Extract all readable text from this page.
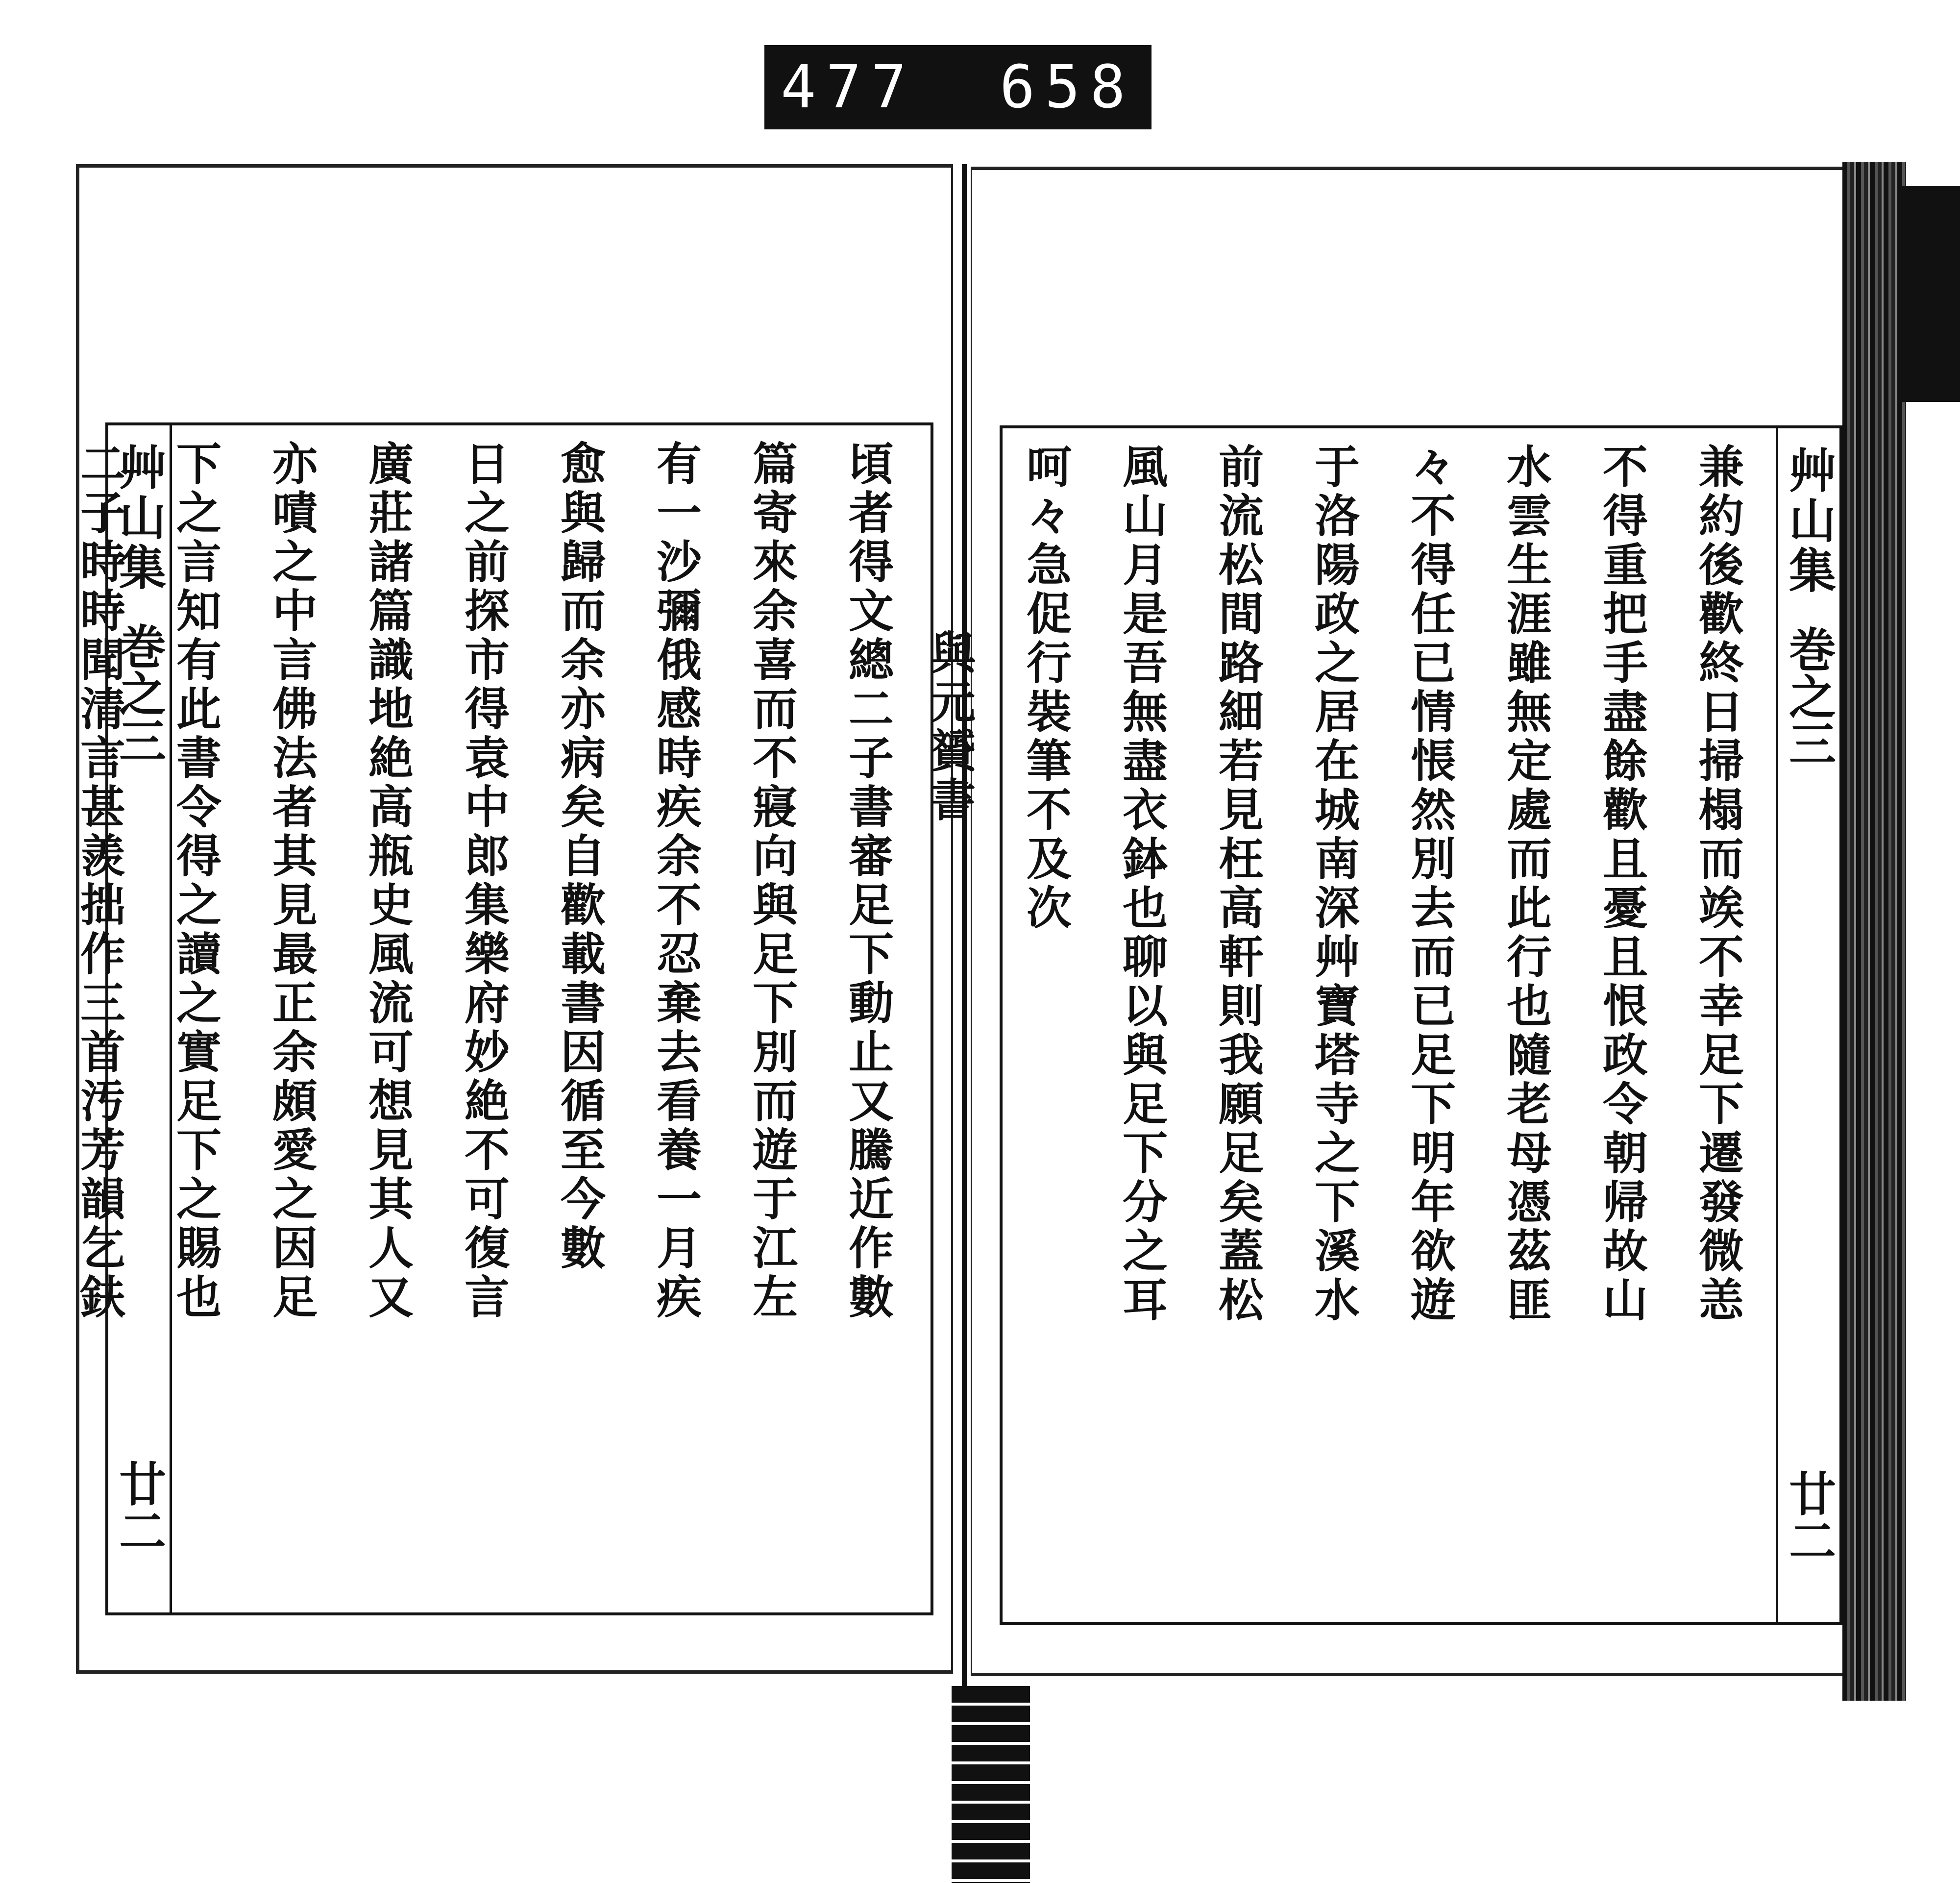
477 658
艸山集
巻之三
廿二
頃者得文總二子書審足下動止又騰近作數
篇寄來余喜而不寢向與足下別而遊于江左
有一沙彌俄感時疾余不忍棄去看養一月疾
愈與歸而余亦病矣自歡載書因循至今數
日之前探市得袁中郎集樂府妙絶不可復言
廣莊諸篇識地絶高瓶史風流可想見其人又
亦嘖之中言佛法者其見最正余頗愛之因足
下之言知有此書令得之讀之實足下之賜也
二子時時聞清言甚羨拙作三首汚芳韻乞鈇	艸山集
巻之三
廿二
兼約後歡終日掃榻而竢不幸足下遷發微恙
不得重把手盡餘歡且憂且恨政令朝帰故山
水雲生涯雖無定處而此行也隨老母憑茲匪
々不得任已情悵然別去而已足下明年欲遊
于洛陽政之居在城南深艸寶塔寺之下溪水
前流松間路細若見枉高軒則我願足矣蓋松
風山月是吾無盡衣鉢也聊以與足下分之耳
呵々急促行裝筆不及次
與元贇書
